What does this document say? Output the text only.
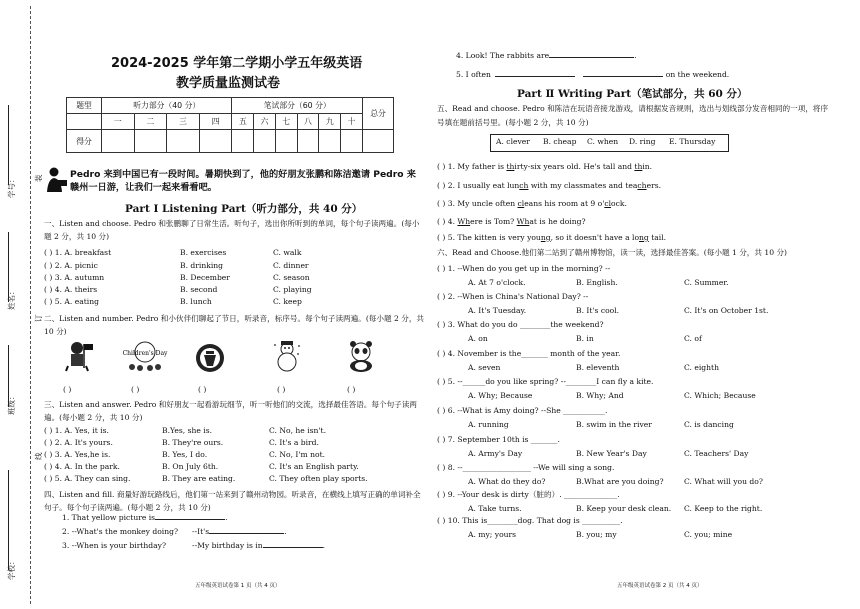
学号： 装
姓名：
订
班级：
线
学校：
2024-2025 学年第二学期小学五年级英语
教学质量监测试卷
题型	听力部分（40 分）				笔试部分（60 分）						总分
	一	二	三	四	五	六	七	八	九	十	
得分											
Pedro 来到中国已有一段时间。暑期快到了，他的好朋友张鹏和陈洁邀请 Pedro 来赣州一日游，让我们一起来看看吧。
Part Ⅰ Listening Part（听力部分，共 40 分）
一、Listen and choose. Pedro 和张鹏聊了日常生活。听句子，选出你所听到的单词，每个句子读两遍。(每小题 2 分，共 10 分)
( ) 1. A. breakfast	B. exercises	C. walk
( ) 2. A. picnic	B. drinking	C. dinner
( ) 3. A. autumn	B. December	C. season
( ) 4. A. theirs	B. second	C. playing
( ) 5. A. eating	B. lunch	C. keep
二、Listen and number. Pedro 和小伙伴们聊起了节日，听录音，标序号。每个句子读两遍。(每小题 2 分，共 10 分)
Children's Day
( )	( )	( )	( )	( )
三、Listen and answer. Pedro 和好朋友一起看游玩细节，听一听他们的交流，选择最佳答语。每个句子读两遍。(每小题 2 分，共 10 分)
( ) 1. A. Yes, it is.	B.Yes, she is.	C. No, he isn't.
( ) 2. A. It's yours.	B. They're ours.	C. It's a bird.
( ) 3. A. Yes,he is.	B. Yes, I do.	C. No, I'm not.
( ) 4. A. In the park.	B. On July 6th.	C. It's an English party.
( ) 5. A. They can sing.	B. They are eating.	C. They often play sports.
四、Listen and fill. 商量好游玩路线后，他们第一站来到了赣州动物园。听录音，在横线上填写正确的单词补全句子。每个句子读两遍。(每小题 2 分，共 10 分)
1. That yellow picture is	.
2. --What's the monkey doing? --It's	.
3. --When is your birthday?	--My birthday is in	.
五年级英语试卷第 1 页（共 4 页）
4. Look! The rabbits are	.
5. I often	on the weekend.
Part Ⅱ Writing Part（笔试部分，共 60 分）
五、Read and choose. Pedro 和陈洁在玩语音接龙游戏，请根据发音规则，选出与划线部分发音相同的一项，将序号填在题前括号里。(每小题 2 分，共 10 分)
A. clever B. cheap C. when D. ring E. Thursday
( ) 1. My father is thirty-six years old. He's tall and thin.
( ) 2. I usually eat lunch with my classmates and teachers.
( ) 3. My uncle often cleans his room at 9 o'clock.
( ) 4. Where is Tom? What is he doing?
( ) 5. The kitten is very young, so it doesn't have a long tail.
六、Read and Choose.他们第二站到了赣州博物馆，读一读，选择最佳答案。(每小题 1 分，共 10 分)
( ) 1. --When do you get up in the morning? --
A. At 7 o'clock.	B. English.	C. Summer.
( ) 2. --When is China's National Day? --
A. It's Tuesday.	B. It's cool.	C. It's on October 1st.
( ) 3. What do you do ________the weekend?
A. on	B. in	C. of
( ) 4. November is the_______ month of the year.
A. seven	B. eleventh	C. eighth
( ) 5. --______do you like spring? --________I can fly a kite.
A. Why; Because	B. Why; And	C. Which; Because
( ) 6. --What is Amy doing? --She ___________.
A. running	B. swim in the river	C. is dancing
( ) 7. September 10th is _______.
A. Army's Day	B. New Year's Day	C. Teachers' Day
( ) 8. --__________________ --We will sing a song.
A. What do they do?	B.What are you doing?	C. What will you do?
( ) 9. --Your desk is dirty（脏的）. ______________.
A. Take turns.	B. Keep your desk clean. C. Keep to the right.
( ) 10. This is________dog. That dog is __________.
A. my; yours	B. you; my	C. you; mine
五年级英语试卷第 2 页（共 4 页）
